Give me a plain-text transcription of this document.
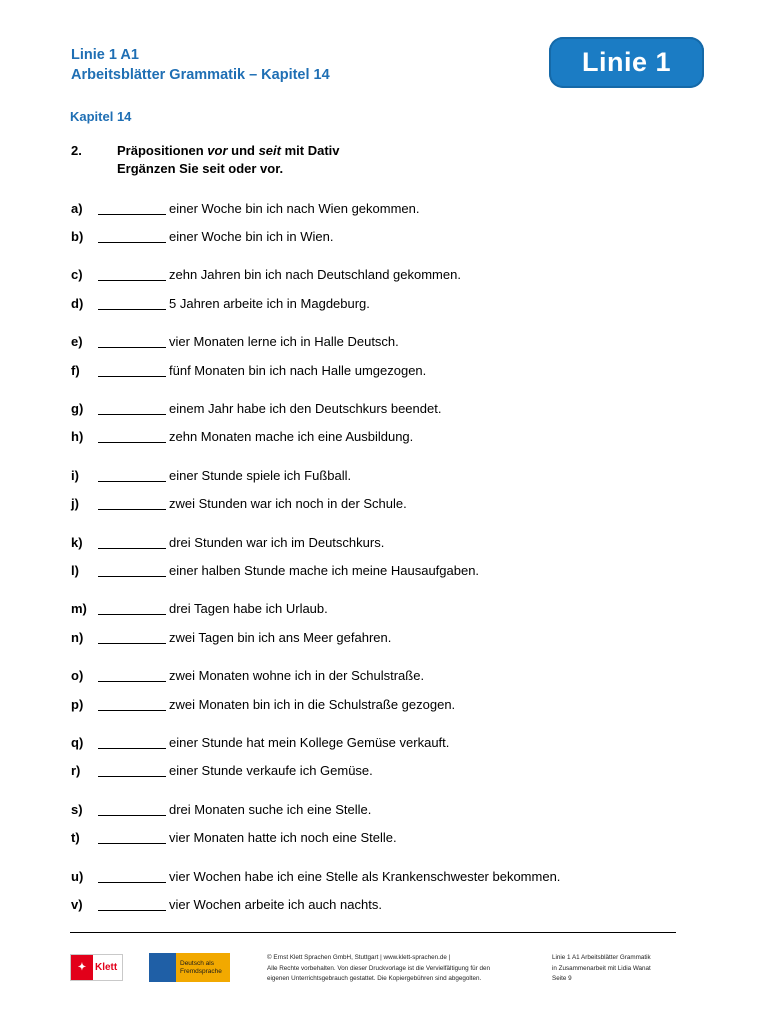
Linie 1 A1
Arbeitsblätter Grammatik – Kapitel 14	Linie 1
Kapitel 14
2.	Präpositionen vor und seit mit Dativ
Ergänzen Sie seit oder vor.
a)	einer Woche bin ich nach Wien gekommen.
b)	einer Woche bin ich in Wien.
c)	zehn Jahren bin ich nach Deutschland gekommen.
d)	5 Jahren arbeite ich in Magdeburg.
e)	vier Monaten lerne ich in Halle Deutsch.
f)	fünf Monaten bin ich nach Halle umgezogen.
g)	einem Jahr habe ich den Deutschkurs beendet.
h)	zehn Monaten mache ich eine Ausbildung.
i)	einer Stunde spiele ich Fußball.
j)	zwei Stunden war ich noch in der Schule.
k)	drei Stunden war ich im Deutschkurs.
l)	einer halben Stunde mache ich meine Hausaufgaben.
m)	drei Tagen habe ich Urlaub.
n)	zwei Tagen bin ich ans Meer gefahren.
o)	zwei Monaten wohne ich in der Schulstraße.
p)	zwei Monaten bin ich in die Schulstraße gezogen.
q)	einer Stunde hat mein Kollege Gemüse verkauft.
r)	einer Stunde verkaufe ich Gemüse.
s)	drei Monaten suche ich eine Stelle.
t)	vier Monaten hatte ich noch eine Stelle.
u)	vier Wochen habe ich eine Stelle als Krankenschwester bekommen.
v)	vier Wochen arbeite ich auch nachts.
✦ Klett	Deutsch als Fremdsprache
© Ernst Klett Sprachen GmbH, Stuttgart | www.klett-sprachen.de |
Alle Rechte vorbehalten. Von dieser Druckvorlage ist die Vervielfältigung für den
eigenen Unterrichtsgebrauch gestattet. Die Kopiergebühren sind abgegolten.
Linie 1 A1 Arbeitsblätter Grammatik
in Zusammenarbeit mit Lidia Wanat
Seite 9
